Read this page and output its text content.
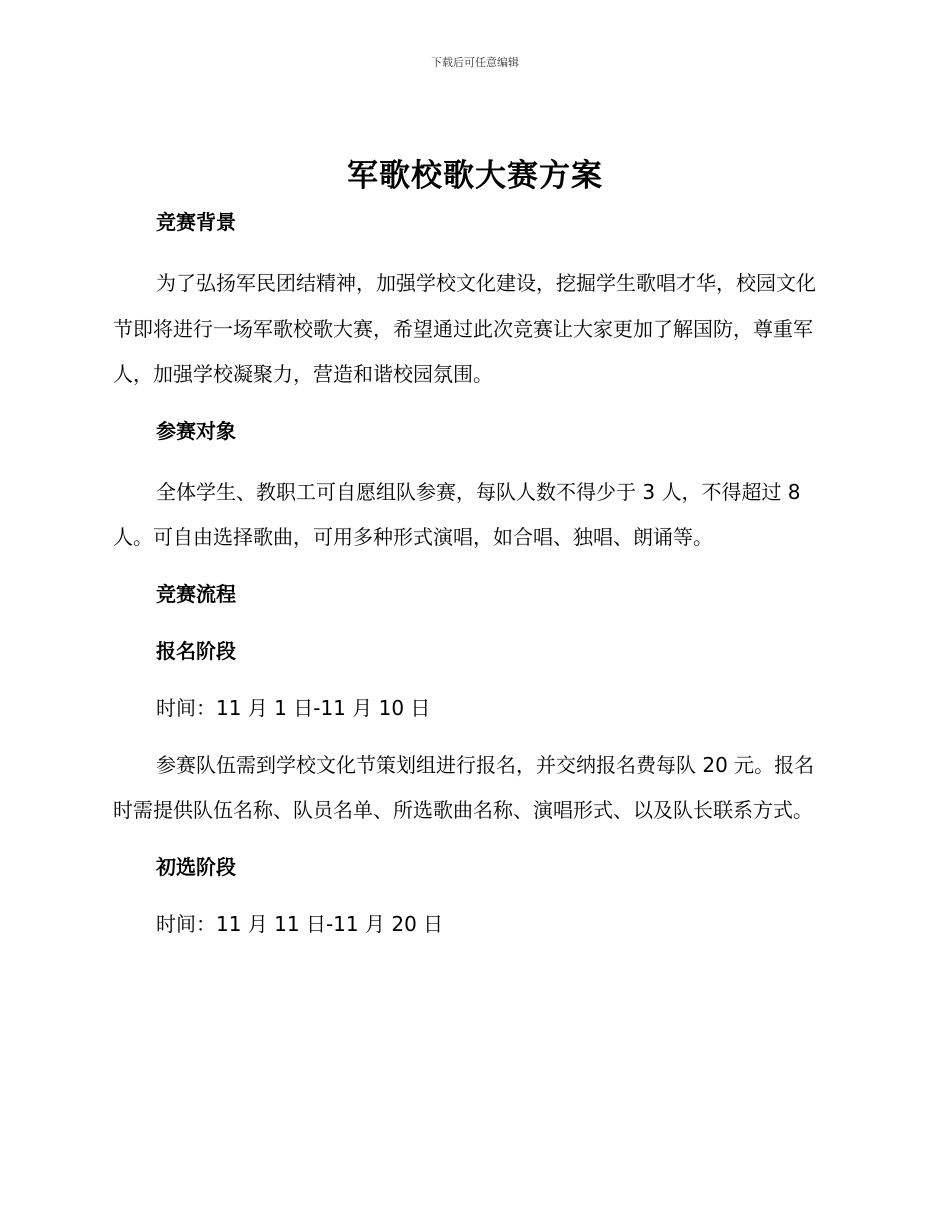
下载后可任意编辑
军歌校歌大赛方案

竞赛背景

为了弘扬军民团结精神，加强学校文化建设，挖掘学生歌唱才华，校园文化节即将进行一场军歌校歌大赛，希望通过此次竞赛让大家更加了解国防，尊重军人，加强学校凝聚力，营造和谐校园氛围。

参赛对象

全体学生、教职工可自愿组队参赛，每队人数不得少于 3 人，不得超过 8 人。可自由选择歌曲，可用多种形式演唱，如合唱、独唱、朗诵等。

竞赛流程

报名阶段

时间：11 月 1 日-11 月 10 日

参赛队伍需到学校文化节策划组进行报名，并交纳报名费每队 20 元。报名时需提供队伍名称、队员名单、所选歌曲名称、演唱形式、以及队长联系方式。

初选阶段

时间：11 月 11 日-11 月 20 日
